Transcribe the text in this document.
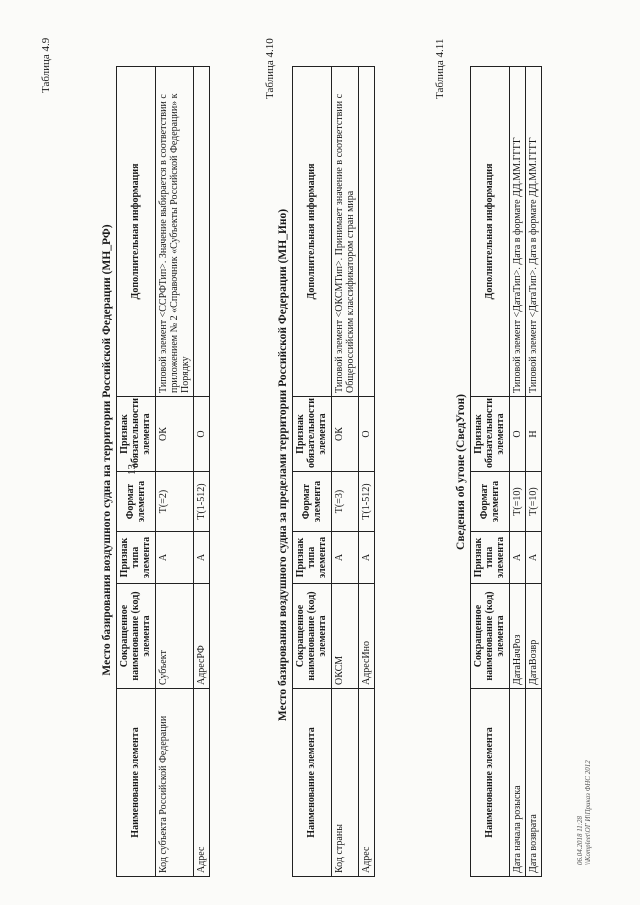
13
Таблица 4.9
Место базирования воздушного судна на территории Российской Федерации (МН_РФ)
Наименование элемента	Сокращенное наименование (код) элемента	Признак типа элемента	Формат элемента	Признак обязательности элемента	Дополнительная информация
Код субъекта Российской Федерации	Субъект	А	T(=2)	ОК	Типовой элемент <ССРФТип>. Значение выбирается в соответствии с приложением № 2 «Справочник «Субъекты Российской Федерации» к Порядку
Адрес	АдресРФ	А	T(1-512)	О	
Таблица 4.10
Место базирования воздушного судна за пределами территории Российской Федерации (МН_Ино)
Наименование элемента	Сокращенное наименование (код) элемента	Признак типа элемента	Формат элемента	Признак обязательности элемента	Дополнительная информация
Код страны	ОКСМ	А	T(=3)	ОК	Типовой элемент <ОКСМТип>. Принимает значение в соответствии с Общероссийским классификатором стран мира
Адрес	АдресИно	А	T(1-512)	О	
Таблица 4.11
Сведения об угоне (СведУгон)
Наименование элемента	Сокращенное наименование (код) элемента	Признак типа элемента	Формат элемента	Признак обязательности элемента	Дополнительная информация
Дата начала розыска	ДатаНачРоз	А	T(=10)	О	Типовой элемент <ДатаТип>. Дата в формате ДД.ММ.ГГГГ
Дата возврата	ДатаВозвр	А	T(=10)	Н	Типовой элемент <ДатаТип>. Дата в формате ДД.ММ.ГГГГ
06.04.2018 11:28 \\Kompleet\ОГ И\Приказ ФНС 2012
